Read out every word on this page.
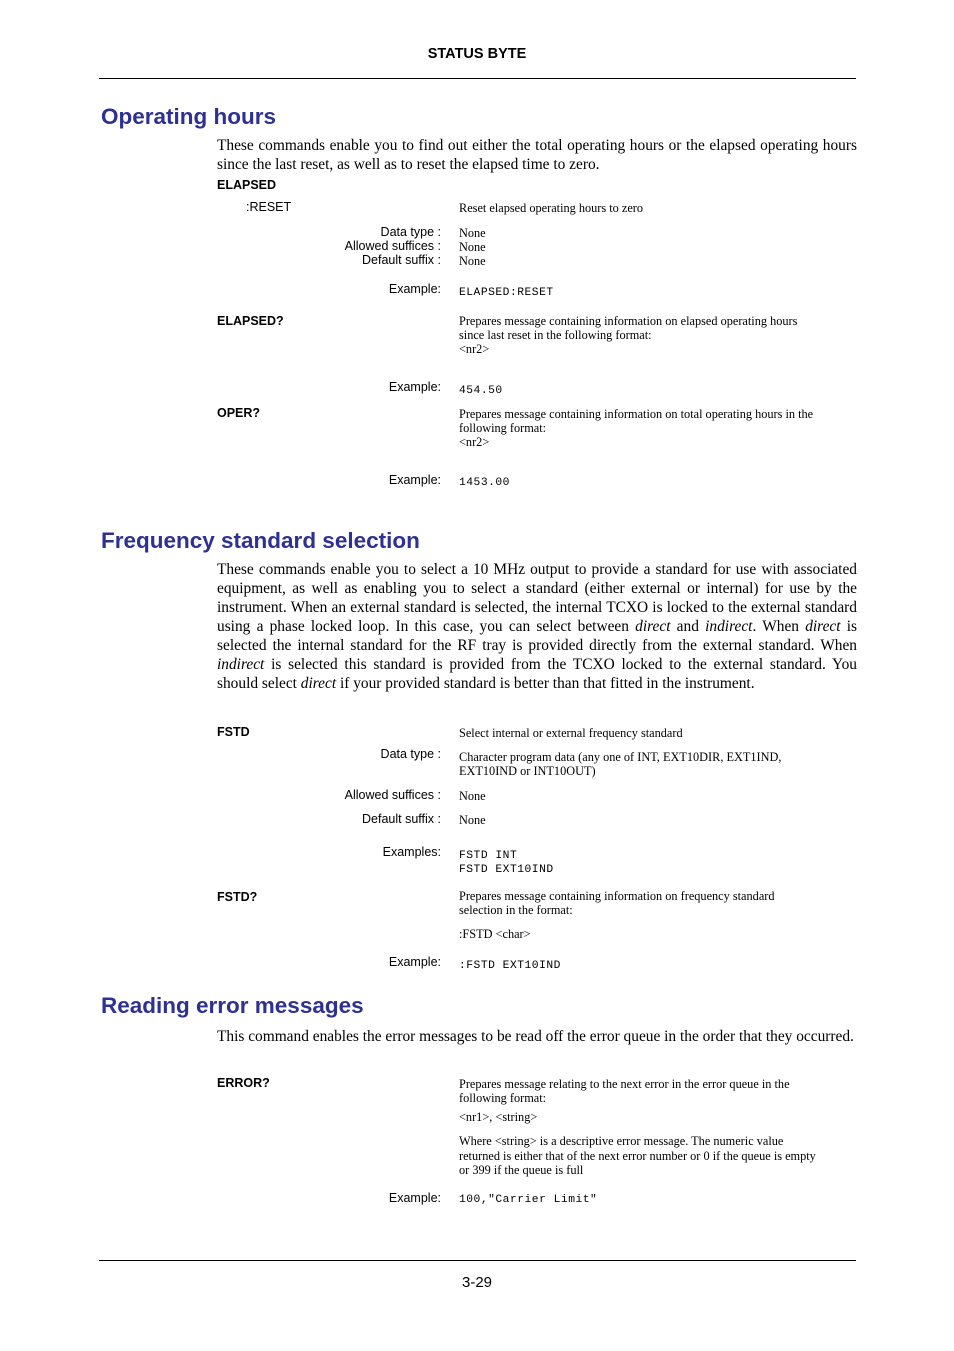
STATUS BYTE
Operating hours
These commands enable you to find out either the total operating hours or the elapsed operating hours since the last reset, as well as to reset the elapsed time to zero.
ELAPSED
:RESET	Reset elapsed operating hours to zero
Data type : None
Allowed suffices : None
Default suffix : None
Example: ELAPSED:RESET
ELAPSED?	Prepares message containing information on elapsed operating hours
since last reset in the following format:
<nr2>
Example: 454.50
OPER?	Prepares message containing information on total operating hours in the
following format:
<nr2>
Example: 1453.00
Frequency standard selection
These commands enable you to select a 10 MHz output to provide a standard for use with associated equipment, as well as enabling you to select a standard (either external or internal) for use by the instrument. When an external standard is selected, the internal TCXO is locked to the external standard using a phase locked loop. In this case, you can select between direct and indirect. When direct is selected the internal standard for the RF tray is provided directly from the external standard. When indirect is selected this standard is provided from the TCXO locked to the external standard. You should select direct if your provided standard is better than that fitted in the instrument.
FSTD	Select internal or external frequency standard
Data type : Character program data (any one of INT, EXT10DIR, EXT1IND,
EXT10IND or INT10OUT)
Allowed suffices : None
Default suffix : None
Examples: FSTD INT
FSTD EXT10IND
FSTD?	Prepares message containing information on frequency standard
selection in the format:
:FSTD <char>
Example: :FSTD EXT10IND
Reading error messages
This command enables the error messages to be read off the error queue in the order that they occurred.
ERROR?	Prepares message relating to the next error in the error queue in the
following format:
<nr1>, <string>
Where <string> is a descriptive error message. The numeric value
returned is either that of the next error number or 0 if the queue is empty
or 399 if the queue is full
Example: 100,"Carrier Limit"
3-29
